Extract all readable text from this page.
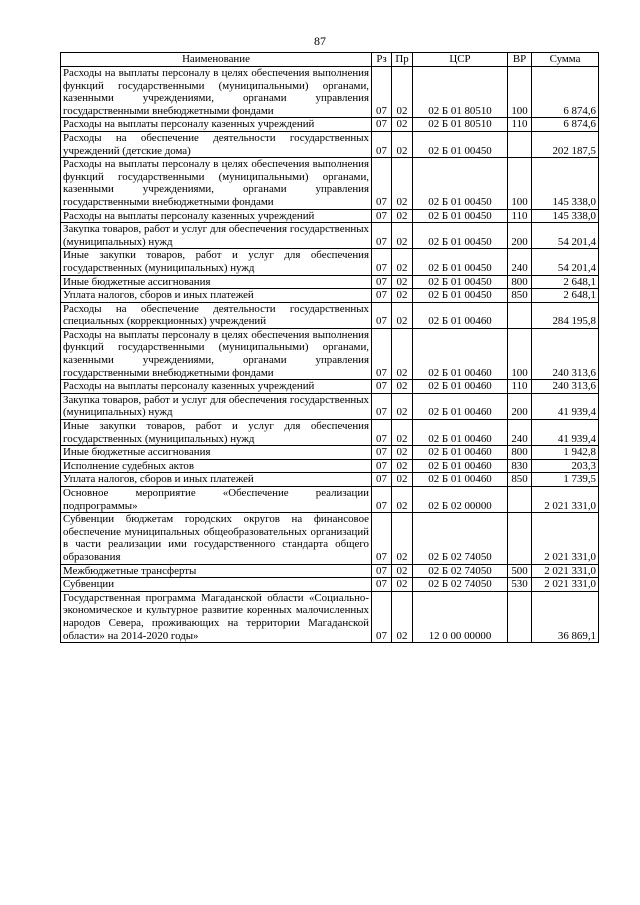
87
Наименование	Рз	Пр	ЦСР	ВР	Сумма
Расходы на выплаты персоналу в целях обеспечения выполнения функций государственными (муниципальными) органами, казенными учреждениями, органами управления государственными внебюджетными фондами	07	02	02 Б 01 80510	100	6 874,6
Расходы на выплаты персоналу казенных учреждений	07	02	02 Б 01 80510	110	6 874,6
Расходы на обеспечение деятельности государственных учреждений (детские дома)	07	02	02 Б 01 00450		202 187,5
Расходы на выплаты персоналу в целях обеспечения выполнения функций государственными (муниципальными) органами, казенными учреждениями, органами управления государственными внебюджетными фондами	07	02	02 Б 01 00450	100	145 338,0
Расходы на выплаты персоналу казенных учреждений	07	02	02 Б 01 00450	110	145 338,0
Закупка товаров, работ и услуг для обеспечения государственных (муниципальных) нужд	07	02	02 Б 01 00450	200	54 201,4
Иные закупки товаров, работ и услуг для обеспечения государственных (муниципальных) нужд	07	02	02 Б 01 00450	240	54 201,4
Иные бюджетные ассигнования	07	02	02 Б 01 00450	800	2 648,1
Уплата налогов, сборов и иных платежей	07	02	02 Б 01 00450	850	2 648,1
Расходы на обеспечение деятельности государственных специальных (коррекционных) учреждений	07	02	02 Б 01 00460		284 195,8
Расходы на выплаты персоналу в целях обеспечения выполнения функций государственными (муниципальными) органами, казенными учреждениями, органами управления государственными внебюджетными фондами	07	02	02 Б 01 00460	100	240 313,6
Расходы на выплаты персоналу казенных учреждений	07	02	02 Б 01 00460	110	240 313,6
Закупка товаров, работ и услуг для обеспечения государственных (муниципальных) нужд	07	02	02 Б 01 00460	200	41 939,4
Иные закупки товаров, работ и услуг для обеспечения государственных (муниципальных) нужд	07	02	02 Б 01 00460	240	41 939,4
Иные бюджетные ассигнования	07	02	02 Б 01 00460	800	1 942,8
Исполнение судебных актов	07	02	02 Б 01 00460	830	203,3
Уплата налогов, сборов и иных платежей	07	02	02 Б 01 00460	850	1 739,5
Основное мероприятие «Обеспечение реализации подпрограммы»	07	02	02 Б 02 00000		2 021 331,0
Субвенции бюджетам городских округов на финансовое обеспечение муниципальных общеобразовательных организаций в части реализации ими государственного стандарта общего образования	07	02	02 Б 02 74050		2 021 331,0
Межбюджетные трансферты	07	02	02 Б 02 74050	500	2 021 331,0
Субвенции	07	02	02 Б 02 74050	530	2 021 331,0
Государственная программа Магаданской области «Социально-экономическое и культурное развитие коренных малочисленных народов Севера, проживающих на территории Магаданской области» на 2014-2020 годы»	07	02	12 0 00 00000		36 869,1
